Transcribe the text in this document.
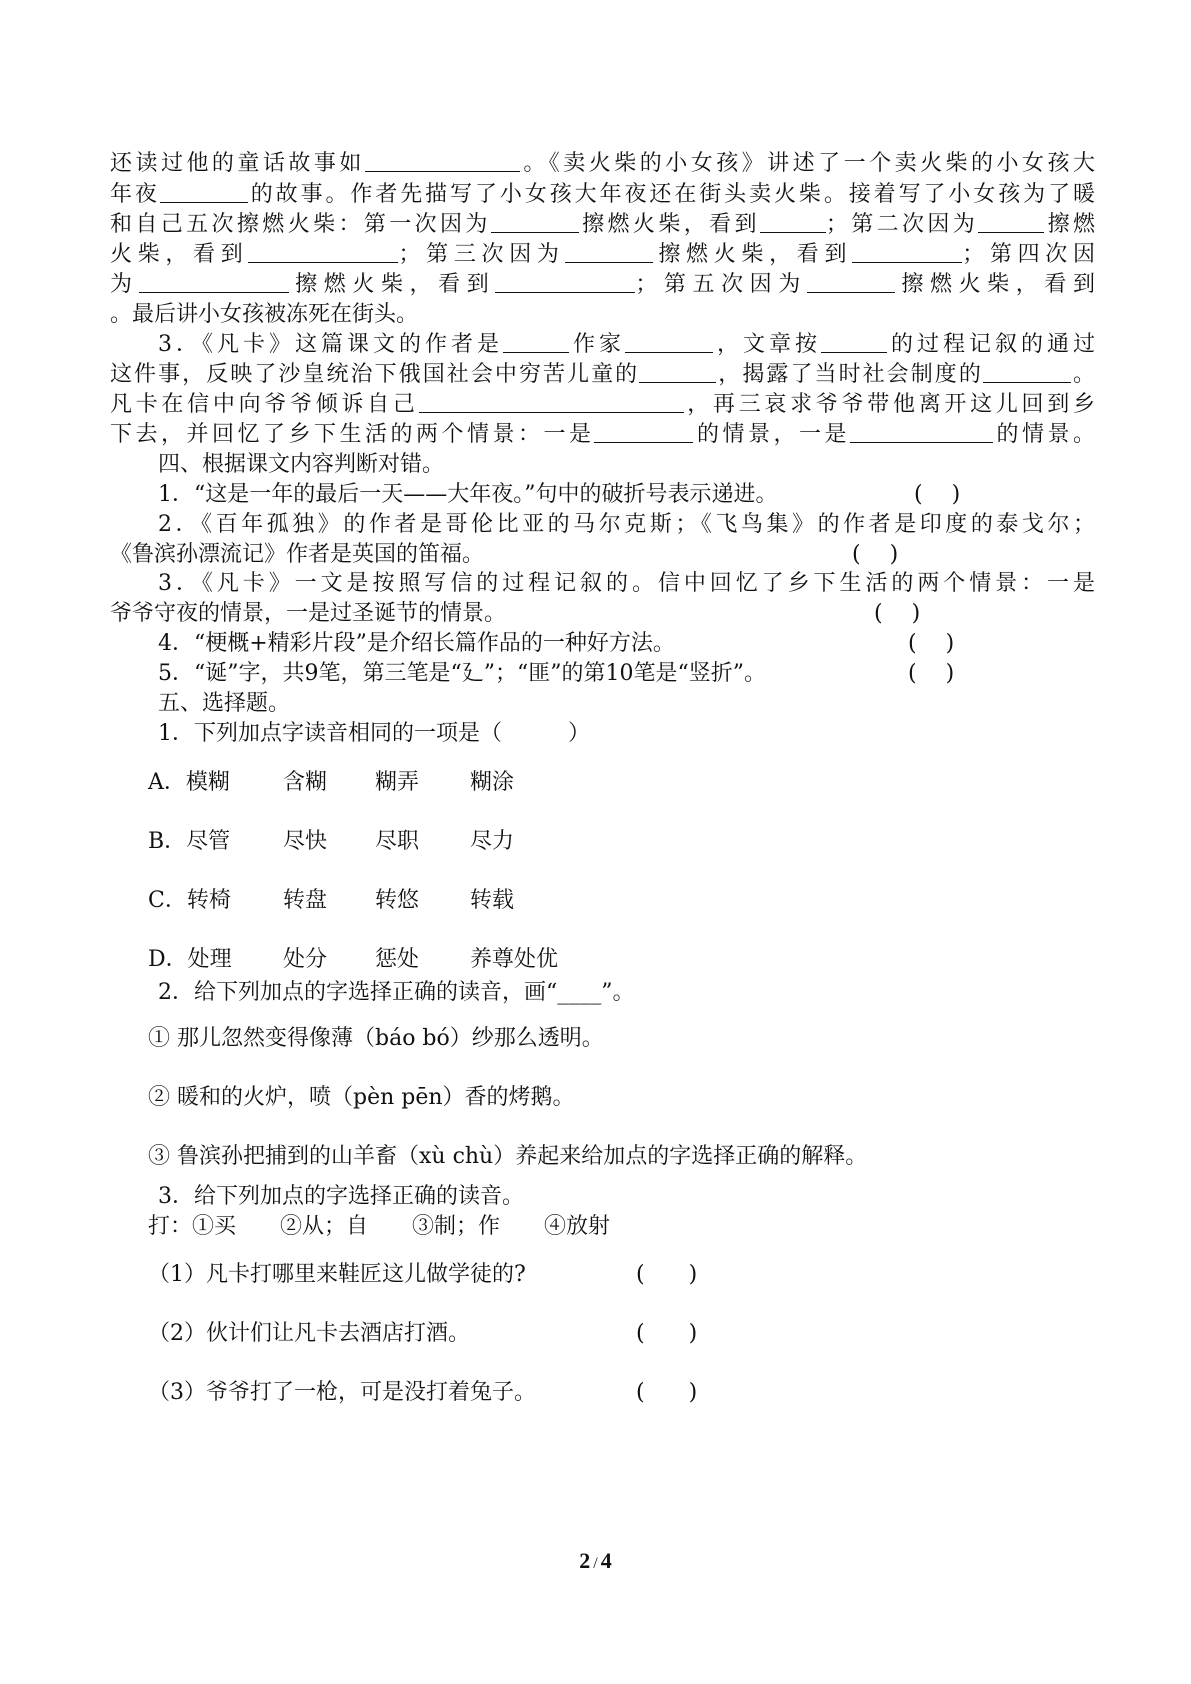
还读过他的童话故事如	。《卖火柴的小女孩》讲述了一个卖火柴的小女孩大
年夜	的故事。作者先描写了小女孩大年夜还在街头卖火柴。接着写了小女孩为了暖
和自己五次擦燃火柴：第一次因为	擦燃火柴，看到	；第二次因为	擦燃
火柴，看到	；第三次因为	擦燃火柴，看到	；第四次因
为	擦燃火柴，看到	；第五次因为	擦燃火柴，看到
。最后讲小女孩被冻死在街头。
3．《凡卡》这篇课文的作者是	作家	，文章按	的过程记叙的通过
这件事，反映了沙皇统治下俄国社会中穷苦儿童的	，揭露了当时社会制度的	。
凡卡在信中向爷爷倾诉自己	，再三哀求爷爷带他离开这儿回到乡
下去，并回忆了乡下生活的两个情景：一是	的情景，一是	的情景。
四、根据课文内容判断对错。
1．“这是一年的最后一天——大年夜。”句中的破折号表示递进。	(　 )
2．《百年孤独》的作者是哥伦比亚的马尔克斯；《飞鸟集》的作者是印度的泰戈尔；
《鲁滨孙漂流记》作者是英国的笛福。	(　 )
3．《凡卡》一文是按照写信的过程记叙的。信中回忆了乡下生活的两个情景：一是
爷爷守夜的情景，一是过圣诞节的情景。	(　 )
4．“梗概+精彩片段”是介绍长篇作品的一种好方法。	(　 )
5．“诞”字，共9笔，第三笔是“廴”；“匪”的第10笔是“竖折”。	(　 )
五、选择题。
1．下列加点字读音相同的一项是（　　　）
A．模糊 含糊 糊弄 糊涂
B．尽管 尽快 尽职 尽力
C．转椅 转盘 转悠 转载
D．处理 处分 惩处 养尊处优
2．给下列加点的字选择正确的读音，画“____”。
① 那儿忽然变得像薄（báo bó）纱那么透明。
② 暖和的火炉，喷（pèn pēn）香的烤鹅。
③ 鲁滨孙把捕到的山羊畜（xù chù）养起来给加点的字选择正确的解释。
3．给下列加点的字选择正确的读音。
打：①买　　②从；自　　③制；作　　④放射
（1）凡卡打哪里来鞋匠这儿做学徒的?	(　　)
（2）伙计们让凡卡去酒店打酒。	(　　)
（3）爷爷打了一枪，可是没打着兔子。	(　　)
2 / 4
